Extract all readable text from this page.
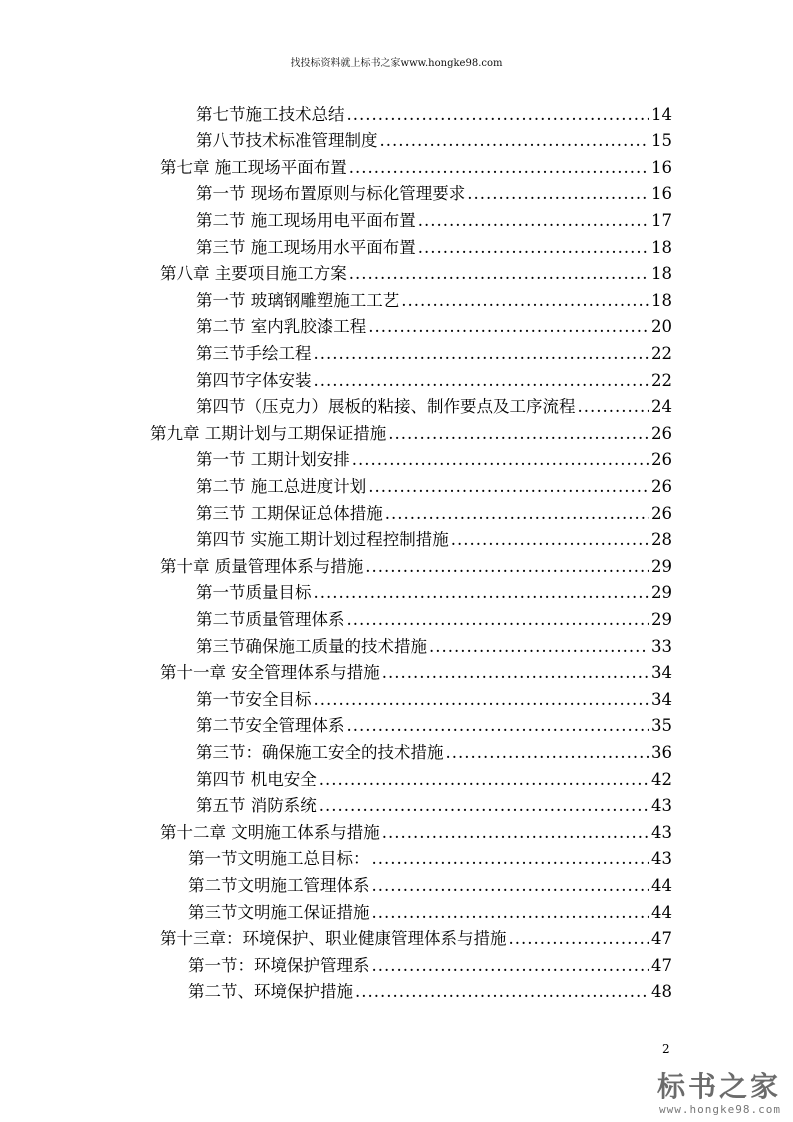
找投标资料就上标书之家www.hongke98.com
第七节施工技术总结 .....	14
第八节技术标准管理制度 .....	15
第七章 施工现场平面布置 .....	16
第一节 现场布置原则与标化管理要求 .....	16
第二节 施工现场用电平面布置 .....	17
第三节 施工现场用水平面布置 .....	18
第八章 主要项目施工方案 .....	18
第一节 玻璃钢雕塑施工工艺 .....	18
第二节 室内乳胶漆工程 .....	20
第三节手绘工程 .....	22
第四节字体安装 .....	22
第四节（压克力）展板的粘接、制作要点及工序流程 .....	24
第九章 工期计划与工期保证措施 .....	26
第一节 工期计划安排 .....	26
第二节 施工总进度计划 .....	26
第三节 工期保证总体措施 .....	26
第四节 实施工期计划过程控制措施 .....	28
第十章 质量管理体系与措施 .....	29
第一节质量目标 .....	29
第二节质量管理体系 .....	29
第三节确保施工质量的技术措施 .....	33
第十一章 安全管理体系与措施 .....	34
第一节安全目标 .....	34
第二节安全管理体系 .....	35
第三节：确保施工安全的技术措施 .....	36
第四节 机电安全 .....	42
第五节 消防系统 .....	43
第十二章 文明施工体系与措施 .....	43
第一节文明施工总目标： .....	43
第二节文明施工管理体系 .....	44
第三节文明施工保证措施 .....	44
第十三章：环境保护、职业健康管理体系与措施 .....	47
第一节：环境保护管理系 .....	47
第二节、环境保护措施 .....	48
2
标书之家
www.hongke98.com
